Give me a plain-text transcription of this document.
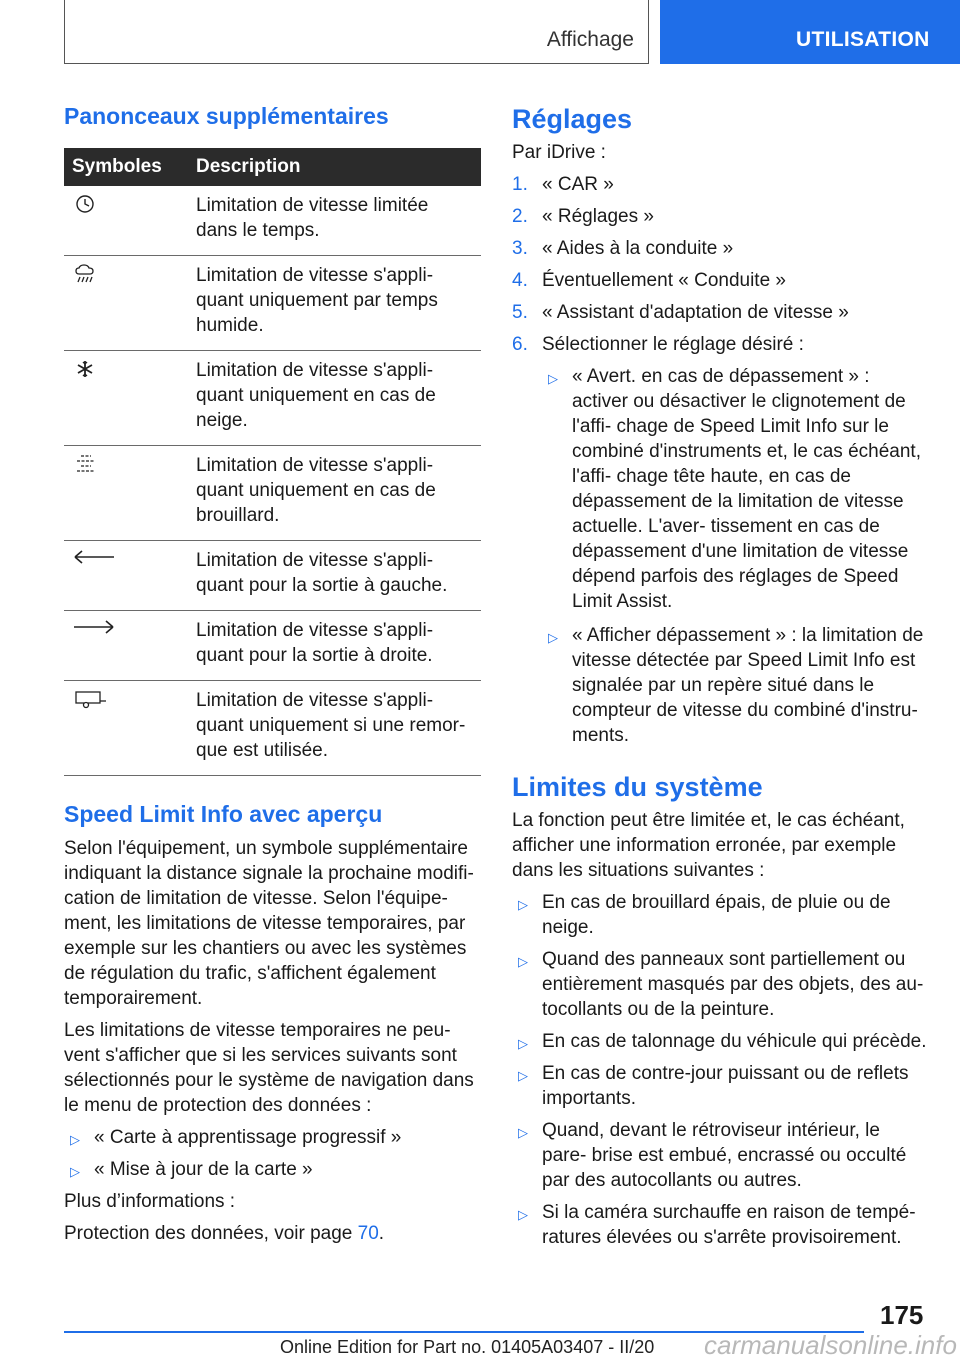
Affichage	UTILISATION
Panonceaux supplémentaires
Symboles	Description
	Limitation de vitesse limitée dans le temps.
	Limitation de vitesse s'appli- quant uniquement par temps humide.
	Limitation de vitesse s'appli- quant uniquement en cas de neige.
	Limitation de vitesse s'appli- quant uniquement en cas de brouillard.
	Limitation de vitesse s'appli- quant pour la sortie à gauche.
	Limitation de vitesse s'appli- quant pour la sortie à droite.
	Limitation de vitesse s'appli- quant uniquement si une remor- que est utilisée.
Speed Limit Info avec aperçu

Selon l'équipement, un symbole supplémentaire indiquant la distance signale la prochaine modifi- cation de limitation de vitesse. Selon l'équipe- ment, les limitations de vitesse temporaires, par exemple sur les chantiers ou avec les systèmes de régulation du trafic, s'affichent également temporairement.

Les limitations de vitesse temporaires ne peu- vent s'afficher que si les services suivants sont sélectionnés pour le système de navigation dans le menu de protection des données :

▷ « Carte à apprentissage progressif »
▷ « Mise à jour de la carte »

Plus d’informations :

Protection des données, voir page 70.

Réglages

Par iDrive :

1. « CAR »
2. « Réglages »
3. « Aides à la conduite »
4. Éventuellement « Conduite »
5. « Assistant d'adaptation de vitesse »
6. Sélectionner le réglage désiré :
▷ « Avert. en cas de dépassement » : activer ou désactiver le clignotement de l'affi- chage de Speed Limit Info sur le combiné d'instruments et, le cas échéant, l'affi- chage tête haute, en cas de dépassement de la limitation de vitesse actuelle. L'aver- tissement en cas de dépassement d'une limitation de vitesse dépend parfois des réglages de Speed Limit Assist.
▷ « Afficher dépassement » : la limitation de vitesse détectée par Speed Limit Info est signalée par un repère situé dans le compteur de vitesse du combiné d'instru- ments.
Limites du système

La fonction peut être limitée et, le cas échéant, afficher une information erronée, par exemple dans les situations suivantes :

▷ En cas de brouillard épais, de pluie ou de neige.
▷ Quand des panneaux sont partiellement ou entièrement masqués par des objets, des au- tocollants ou de la peinture.
▷ En cas de talonnage du véhicule qui précède.
▷ En cas de contre-jour puissant ou de reflets importants.
▷ Quand, devant le rétroviseur intérieur, le pare- brise est embué, encrassé ou occulté par des autocollants ou autres.
▷ Si la caméra surchauffe en raison de tempé- ratures élevées ou s'arrête provisoirement.
175
carmanualsonline.info
Online Edition for Part no. 01405A03407 - II/20
